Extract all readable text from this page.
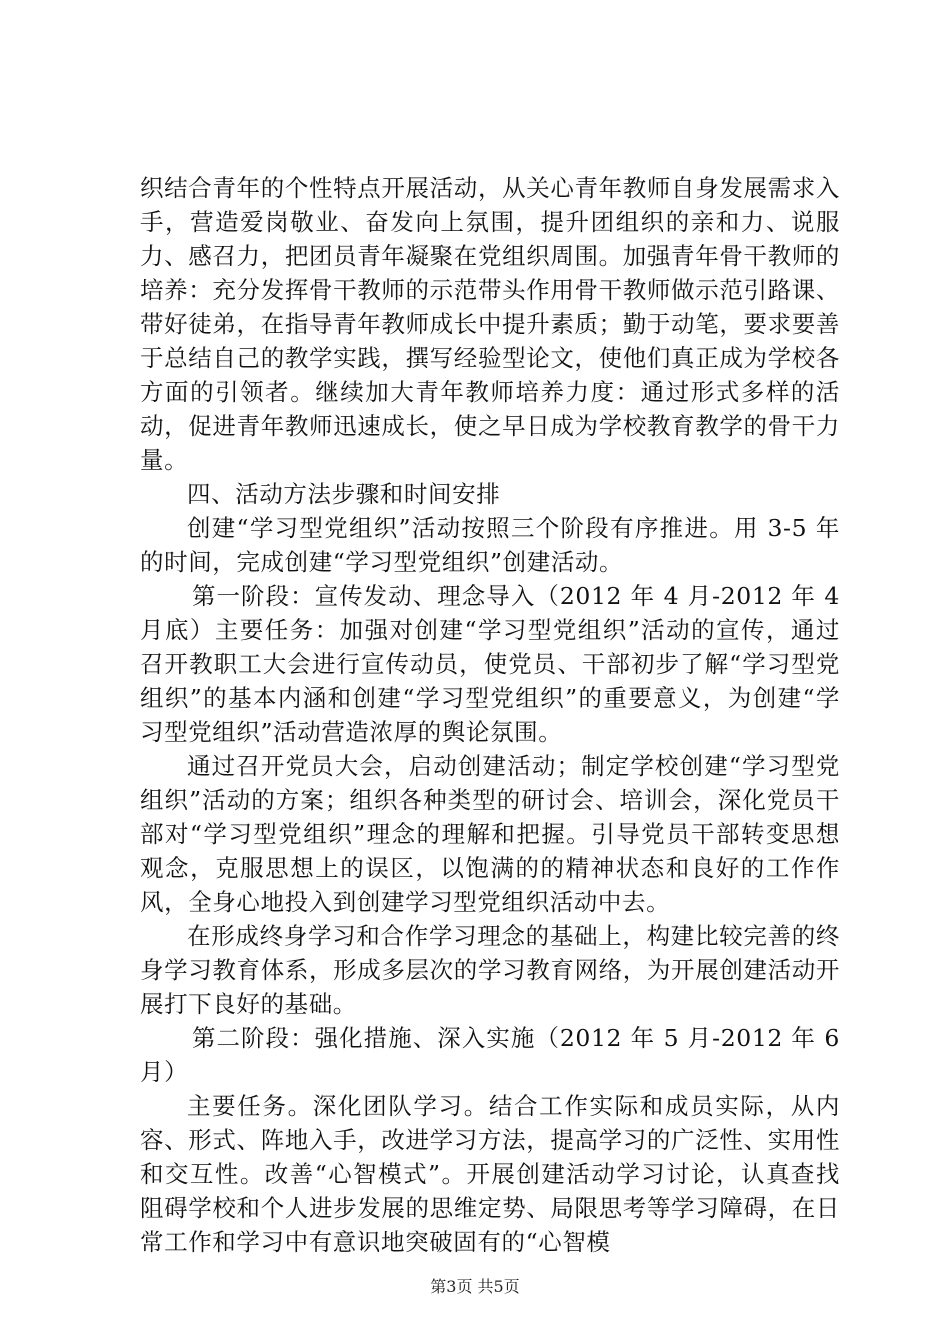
织结合青年的个性特点开展活动，从关心青年教师自身发展需求入手，营造爱岗敬业、奋发向上氛围，提升团组织的亲和力、说服力、感召力，把团员青年凝聚在党组织周围。加强青年骨干教师的培养：充分发挥骨干教师的示范带头作用骨干教师做示范引路课、带好徒弟，在指导青年教师成长中提升素质；勤于动笔，要求要善于总结自己的教学实践，撰写经验型论文，使他们真正成为学校各方面的引领者。继续加大青年教师培养力度：通过形式多样的活动，促进青年教师迅速成长，使之早日成为学校教育教学的骨干力量。

四、活动方法步骤和时间安排

创建“学习型党组织”活动按照三个阶段有序推进。用 3-5 年的时间，完成创建“学习型党组织”创建活动。

第一阶段：宣传发动、理念导入（2012 年 4 月-2012 年 4 月底）主要任务：加强对创建“学习型党组织”活动的宣传，通过召开教职工大会进行宣传动员，使党员、干部初步了解“学习型党组织”的基本内涵和创建“学习型党组织”的重要意义，为创建“学习型党组织”活动营造浓厚的舆论氛围。

通过召开党员大会，启动创建活动；制定学校创建“学习型党组织”活动的方案；组织各种类型的研讨会、培训会，深化党员干部对“学习型党组织”理念的理解和把握。引导党员干部转变思想观念，克服思想上的误区，以饱满的的精神状态和良好的工作作风，全身心地投入到创建学习型党组织活动中去。

在形成终身学习和合作学习理念的基础上，构建比较完善的终身学习教育体系，形成多层次的学习教育网络，为开展创建活动开展打下良好的基础。

第二阶段：强化措施、深入实施（2012 年 5 月-2012 年 6 月）

主要任务。深化团队学习。结合工作实际和成员实际，从内容、形式、阵地入手，改进学习方法，提高学习的广泛性、实用性和交互性。改善“心智模式”。开展创建活动学习讨论，认真查找阻碍学校和个人进步发展的思维定势、局限思考等学习障碍，在日常工作和学习中有意识地突破固有的“心智模

第3页 共5页
